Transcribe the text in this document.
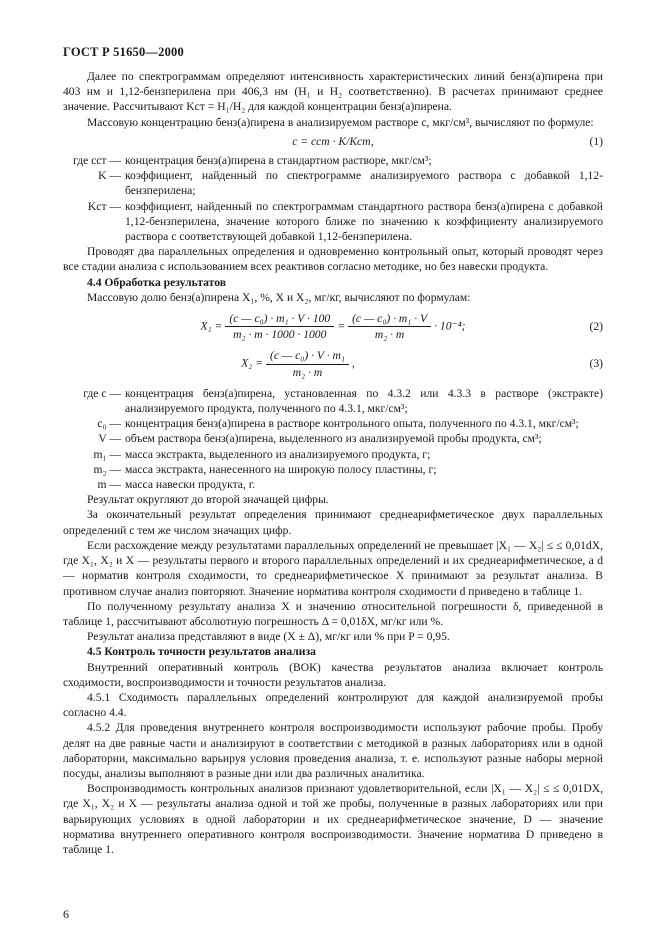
ГОСТ Р 51650—2000

Далее по спектрограммам определяют интенсивность характеристических линий бенз(а)пирена при 403 нм и 1,12-бензперилена при 406,3 нм (H₁ и H₂ соответственно). В расчетах принимают среднее значение. Рассчитывают Kст = H₁/H₂ для каждой концентрации бенз(а)пирена.

Массовую концентрацию бенз(а)пирена в анализируемом растворе c, мкг/см³, вычисляют по формуле:

c = cст · K/Kст,	(1)
где cст — концентрация бенз(а)пирена в стандартном растворе, мкг/см³;
K — коэффициент, найденный по спектрограмме анализируемого раствора с добавкой 1,12-бензперилена;
Kст — коэффициент, найденный по спектрограммам стандартного раствора бенз(а)пирена с добавкой 1,12-бензперилена, значение которого ближе по значению к коэффициенту анализируемого раствора с соответствующей добавкой 1,12-бензперилена.

Проводят два параллельных определения и одновременно контрольный опыт, который проводят через все стадии анализа с использованием всех реактивов согласно методике, но без навески продукта.

4.4 Обработка результатов

Массовую долю бенз(а)пирена X₁, %, X и X₂, мг/кг, вычисляют по формулам:

$X_1 = \frac{\text{(c — c₀) · m₁ · V · 100}}{\text{m₂ · m · 1000 · 1000}} = \frac{\text{(c — c₀) · m₁ · V}}{\text{m₂ · m}} \cdot 10^{-4}$;	(2)
$X_2 = \frac{\text{(c — c₀) · V · m₁}}{\text{m₂ · m}}$ ,	(3)
где c — концентрация бенз(а)пирена, установленная по 4.3.2 или 4.3.3 в растворе (экстракте) анализируемого продукта, полученного по 4.3.1, мкг/см³;
c₀ — концентрация бенз(а)пирена в растворе контрольного опыта, полученного по 4.3.1, мкг/см³;
V — объем раствора бенз(а)пирена, выделенного из анализируемой пробы продукта, см³;
m₁ — масса экстракта, выделенного из анализируемого продукта, г;
m₂ — масса экстракта, нанесенного на широкую полосу пластины, г;
m — масса навески продукта, г.

Результат округляют до второй значащей цифры.

За окончательный результат определения принимают среднеарифметическое двух параллельных определений с тем же числом значащих цифр.

Если расхождение между результатами параллельных определений не превышает |X₁ — X₂| ≤ ≤ 0,01dX, где X₁, X₂ и X — результаты первого и второго параллельных определений и их среднеарифметическое, а d— норматив контроля сходимости, то среднеарифметическое X принимают за результат анализа. В противном случае анализ повторяют. Значение норматива контроля сходимости d приведено в таблице 1.

По полученному результату анализа X и значению относительной погрешности δ, приведенной в таблице 1, рассчитывают абсолютную погрешность Δ = 0,01δX, мг/кг или %.

Результат анализа представляют в виде (X ± Δ), мг/кг или % при P = 0,95.

4.5 Контроль точности результатов анализа

Внутренний оперативный контроль (ВОК) качества результатов анализа включает контроль сходимости, воспроизводимости и точности результатов анализа.

4.5.1 Сходимость параллельных определений контролируют для каждой анализируемой пробы согласно 4.4.

4.5.2 Для проведения внутреннего контроля воспроизводимости используют рабочие пробы. Пробу делят на две равные части и анализируют в соответствии с методикой в разных лабораториях или в одной лаборатории, максимально варьируя условия проведения анализа, т. е. используют разные наборы мерной посуды, анализы выполняют в разные дни или два различных аналитика.

Воспроизводимость контрольных анализов признают удовлетворительной, если |X₁ — X₂| ≤ ≤ 0,01DX, где X₁, X₂ и X — результаты анализа одной и той же пробы, полученные в разных лабораториях или при варьирующих условиях в одной лаборатории и их среднеарифметическое значение, D — значение норматива внутреннего оперативного контроля воспроизводимости. Значение норматива D приведено в таблице 1.

6
